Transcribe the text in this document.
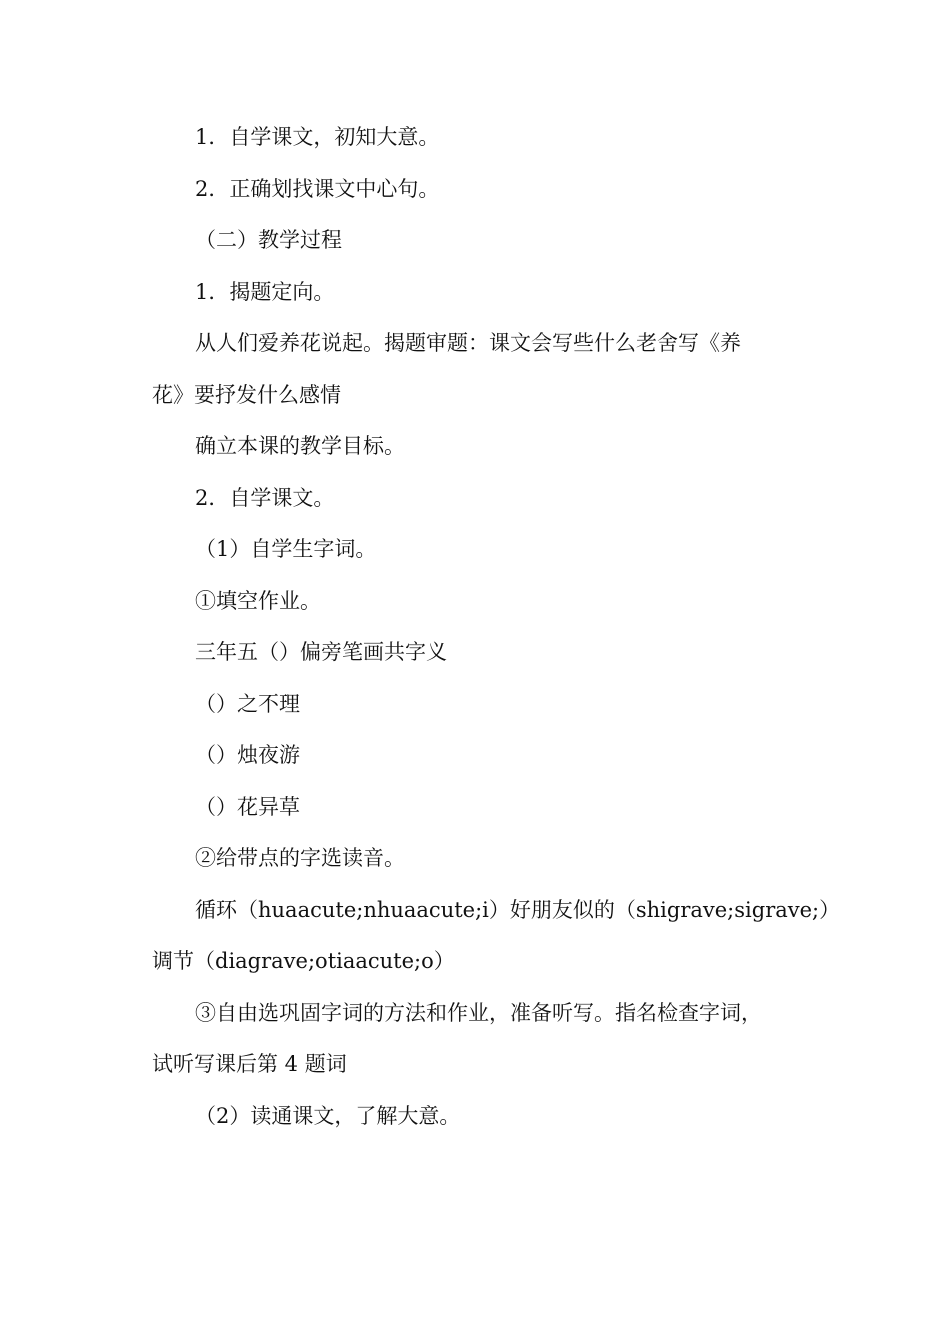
1．自学课文，初知大意。
2．正确划找课文中心句。
（二）教学过程
1．揭题定向。
从人们爱养花说起。揭题审题：课文会写些什么老舍写《养
花》要抒发什么感情
确立本课的教学目标。
2．自学课文。
（1）自学生字词。
①填空作业。
三年五（）偏旁笔画共字义
（）之不理
（）烛夜游
（）花异草
②给带点的字选读音。
循环（huaacute;nhuaacute;i）好朋友似的（shigrave;sigrave;）
调节（diagrave;otiaacute;o）
③自由选巩固字词的方法和作业，准备听写。指名检查字词，
试听写课后第 4 题词
（2）读通课文，了解大意。
